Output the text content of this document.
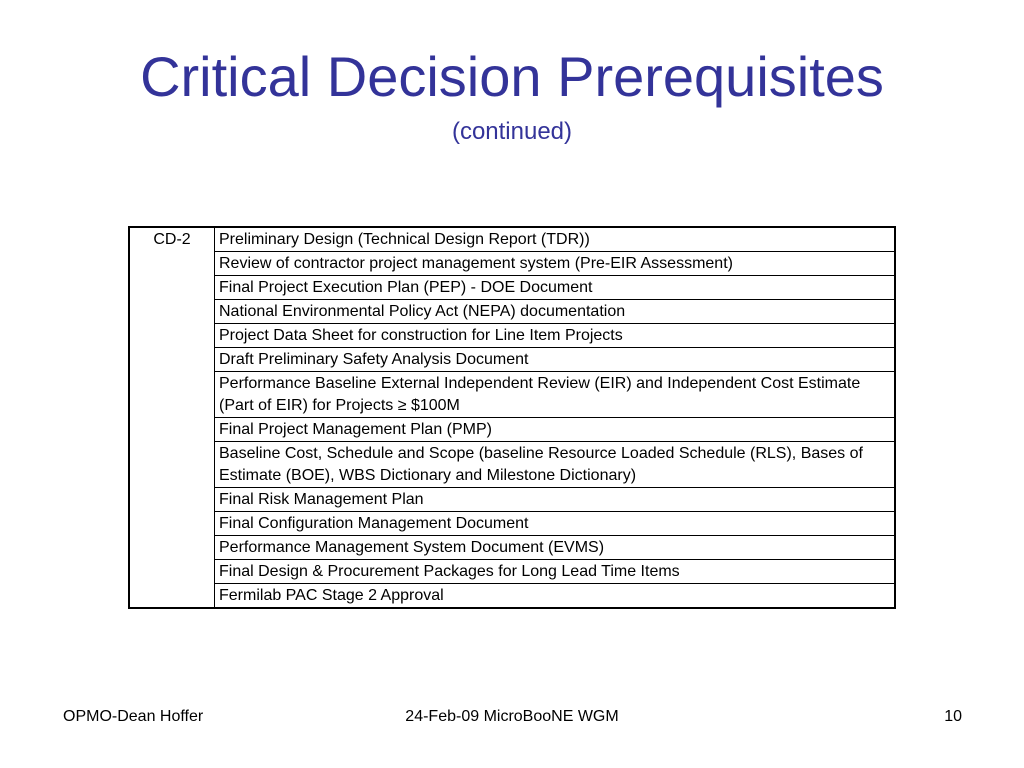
Critical Decision Prerequisites
(continued)
CD-2	Preliminary Design (Technical Design Report (TDR))
Review of contractor project management system (Pre-EIR Assessment)
Final Project Execution Plan (PEP) - DOE Document
National Environmental Policy Act (NEPA) documentation
Project Data Sheet for construction for Line Item Projects
Draft Preliminary Safety Analysis Document
Performance Baseline External Independent Review (EIR) and Independent Cost Estimate (Part of EIR) for Projects ≥ $100M
Final Project Management Plan (PMP)
Baseline Cost, Schedule and Scope (baseline Resource Loaded Schedule (RLS), Bases of Estimate (BOE), WBS Dictionary and Milestone Dictionary)
Final Risk Management Plan
Final Configuration Management Document
Performance Management System Document (EVMS)
Final Design & Procurement Packages for Long Lead Time Items
Fermilab PAC Stage 2 Approval
OPMO-Dean Hoffer	24-Feb-09 MicroBooNE WGM	10
